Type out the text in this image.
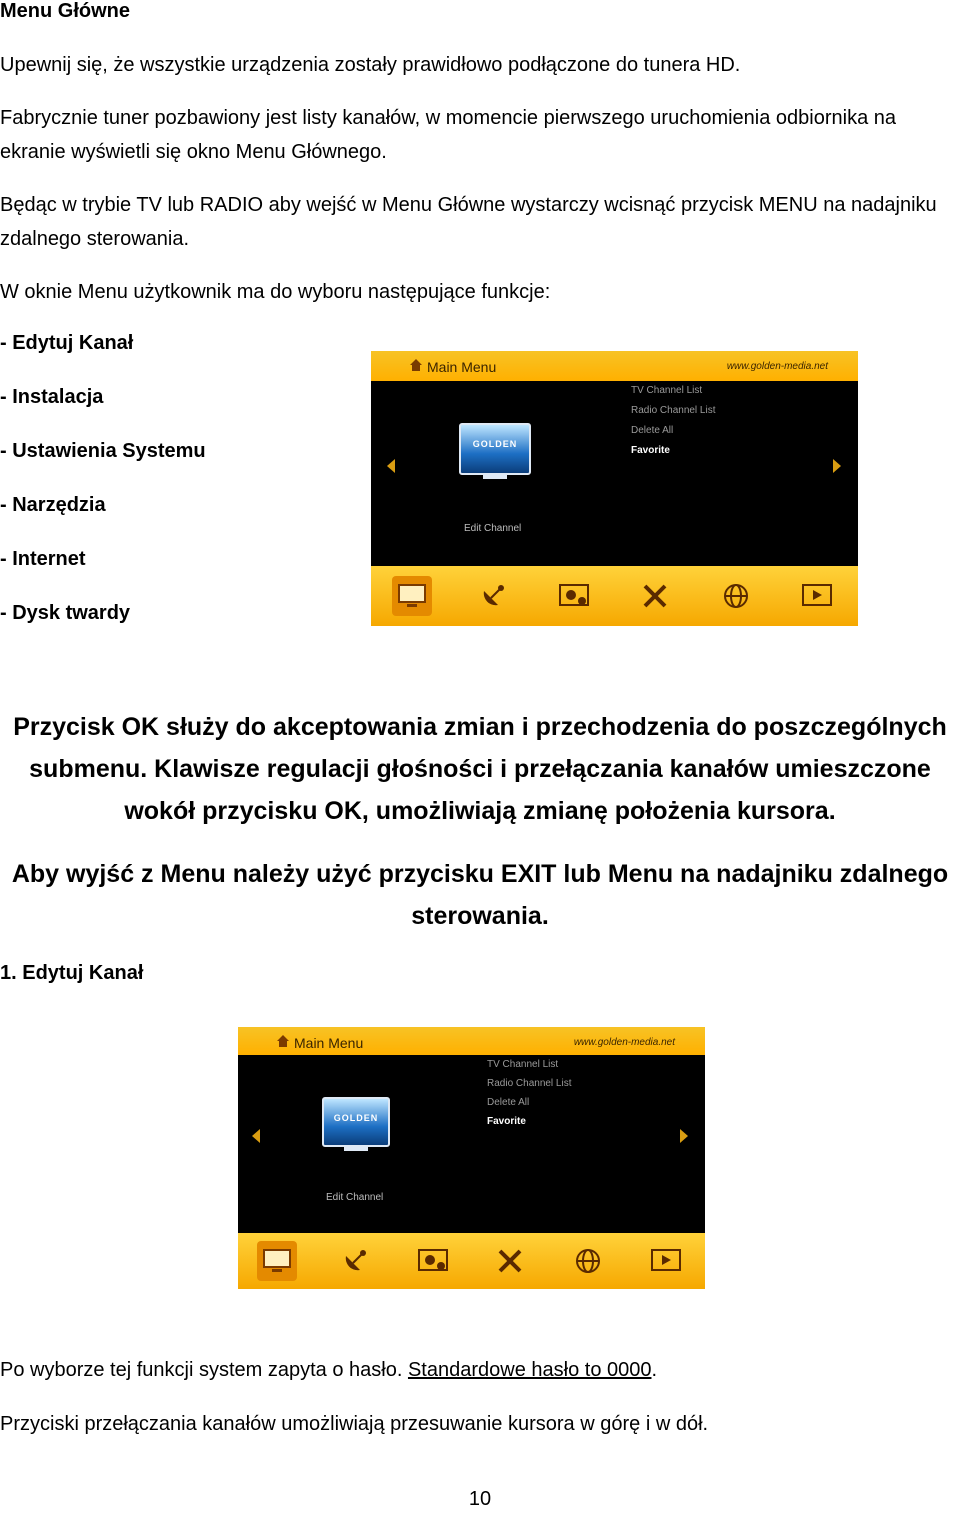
Menu Główne
Upewnij się, że wszystkie urządzenia zostały prawidłowo podłączone do tunera HD.
Fabrycznie tuner pozbawiony jest listy kanałów, w momencie pierwszego uruchomienia odbiornika na ekranie wyświetli się okno Menu Głównego.
Będąc w trybie TV lub RADIO aby wejść w Menu Główne wystarczy wcisnąć przycisk MENU na nadajniku zdalnego sterowania.
W oknie Menu użytkownik ma do wyboru następujące funkcje:
- Edytuj Kanał
- Instalacja
- Ustawienia Systemu
- Narzędzia
- Internet
- Dysk twardy
Main Menu	www.golden-media.net
TV Channel List
Radio Channel List
Delete All
Favorite
GOLDEN
Edit Channel
Przycisk OK służy do akceptowania zmian i przechodzenia do poszczególnych submenu. Klawisze regulacji głośności i przełączania kanałów umieszczone wokół przycisku OK, umożliwiają zmianę położenia kursora.
Aby wyjść z Menu należy użyć przycisku EXIT lub Menu na nadajniku zdalnego sterowania.
1. Edytuj Kanał
Main Menu	www.golden-media.net
TV Channel List
Radio Channel List
Delete All
Favorite
GOLDEN
Edit Channel
Po wyborze tej funkcji system zapyta o hasło. Standardowe hasło to 0000.
Przyciski przełączania kanałów umożliwiają przesuwanie kursora w górę i w dół.
10
